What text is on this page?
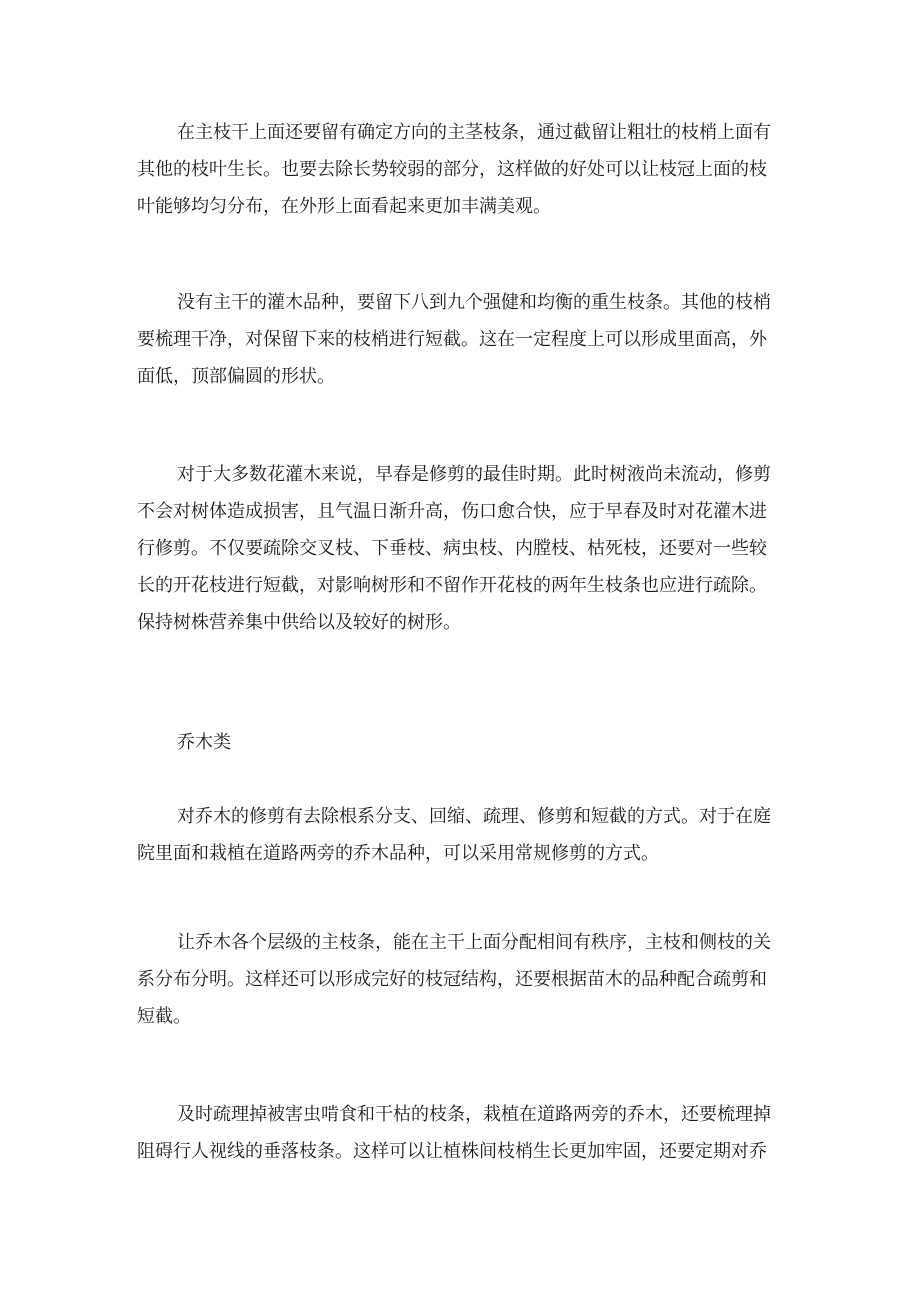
在主枝干上面还要留有确定方向的主茎枝条，通过截留让粗壮的枝梢上面有
其他的枝叶生长。也要去除长势较弱的部分，这样做的好处可以让枝冠上面的枝
叶能够均匀分布，在外形上面看起来更加丰满美观。

没有主干的灌木品种，要留下八到九个强健和均衡的重生枝条。其他的枝梢
要梳理干净，对保留下来的枝梢进行短截。这在一定程度上可以形成里面高，外
面低，顶部偏圆的形状。

对于大多数花灌木来说，早春是修剪的最佳时期。此时树液尚未流动，修剪
不会对树体造成损害，且气温日渐升高，伤口愈合快，应于早春及时对花灌木进
行修剪。不仅要疏除交叉枝、下垂枝、病虫枝、内膛枝、枯死枝，还要对一些较
长的开花枝进行短截，对影响树形和不留作开花枝的两年生枝条也应进行疏除。
保持树株营养集中供给以及较好的树形。

乔木类

对乔木的修剪有去除根系分支、回缩、疏理、修剪和短截的方式。对于在庭
院里面和栽植在道路两旁的乔木品种，可以采用常规修剪的方式。

让乔木各个层级的主枝条，能在主干上面分配相间有秩序，主枝和侧枝的关
系分布分明。这样还可以形成完好的枝冠结构，还要根据苗木的品种配合疏剪和
短截。

及时疏理掉被害虫啃食和干枯的枝条，栽植在道路两旁的乔木，还要梳理掉
阻碍行人视线的垂落枝条。这样可以让植株间枝梢生长更加牢固，还要定期对乔
